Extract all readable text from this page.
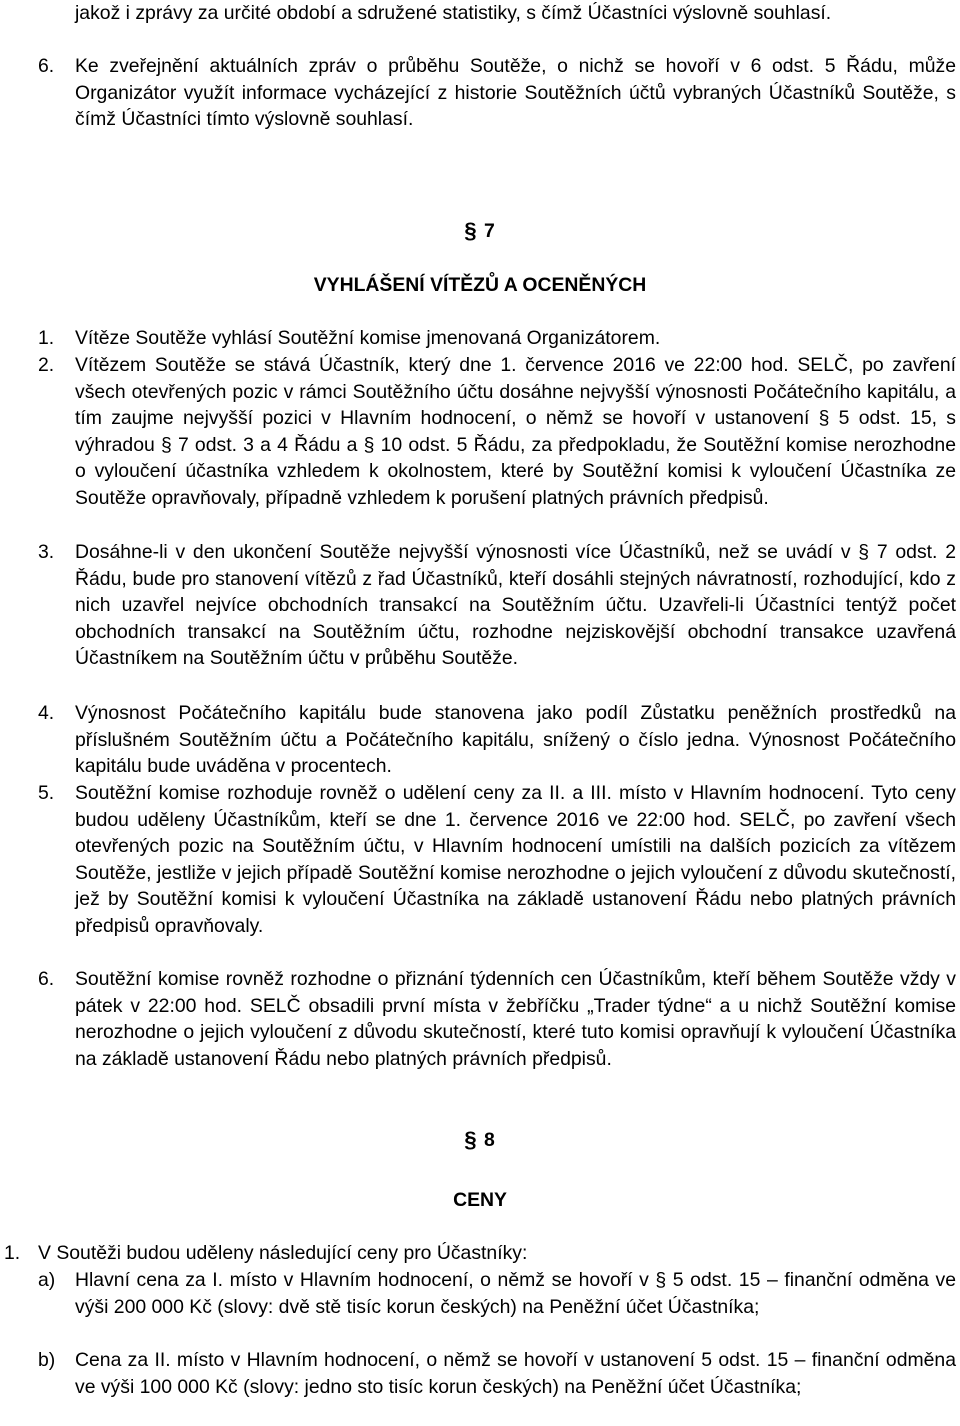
jakož i zprávy za určité období a sdružené statistiky, s čímž Účastníci výslovně souhlasí.
6. Ke zveřejnění aktuálních zpráv o průběhu Soutěže, o nichž se hovoří v 6 odst. 5 Řádu, může Organizátor využít informace vycházející z historie Soutěžních účtů vybraných Účastníků Soutěže, s čímž Účastníci tímto výslovně souhlasí.
§ 7
VYHLÁŠENÍ VÍTĚZŮ A OCENĚNÝCH
1. Vítěze Soutěže vyhlásí Soutěžní komise jmenovaná Organizátorem.
2. Vítězem Soutěže se stává Účastník, který dne 1. července 2016 ve 22:00 hod. SELČ, po zavření všech otevřených pozic v rámci Soutěžního účtu dosáhne nejvyšší výnosnosti Počátečního kapitálu, a tím zaujme nejvyšší pozici v Hlavním hodnocení, o němž se hovoří v ustanovení § 5 odst. 15, s výhradou § 7 odst. 3 a 4 Řádu a § 10 odst. 5 Řádu, za předpokladu, že Soutěžní komise nerozhodne o vyloučení účastníka vzhledem k okolnostem, které by Soutěžní komisi k vyloučení Účastníka ze Soutěže opravňovaly, případně vzhledem k porušení platných právních předpisů.
3. Dosáhne-li v den ukončení Soutěže nejvyšší výnosnosti více Účastníků, než se uvádí v § 7 odst. 2 Řádu, bude pro stanovení vítězů z řad Účastníků, kteří dosáhli stejných návratností, rozhodující, kdo z nich uzavřel nejvíce obchodních transakcí na Soutěžním účtu. Uzavřeli-li Účastníci tentýž počet obchodních transakcí na Soutěžním účtu, rozhodne nejziskovější obchodní transakce uzavřená Účastníkem na Soutěžním účtu v průběhu Soutěže.
4. Výnosnost Počátečního kapitálu bude stanovena jako podíl Zůstatku peněžních prostředků na příslušném Soutěžním účtu a Počátečního kapitálu, snížený o číslo jedna. Výnosnost Počátečního kapitálu bude uváděna v procentech.
5. Soutěžní komise rozhoduje rovněž o udělení ceny za II. a III. místo v Hlavním hodnocení. Tyto ceny budou uděleny Účastníkům, kteří se dne 1. července 2016 ve 22:00 hod. SELČ, po zavření všech otevřených pozic na Soutěžním účtu, v Hlavním hodnocení umístili na dalších pozicích za vítězem Soutěže, jestliže v jejich případě Soutěžní komise nerozhodne o jejich vyloučení z důvodu skutečností, jež by Soutěžní komisi k vyloučení Účastníka na základě ustanovení Řádu nebo platných právních předpisů opravňovaly.
6. Soutěžní komise rovněž rozhodne o přiznání týdenních cen Účastníkům, kteří během Soutěže vždy v pátek v 22:00 hod. SELČ obsadili první místa v žebříčku „Trader týdne“ a u nichž Soutěžní komise nerozhodne o jejich vyloučení z důvodu skutečností, které tuto komisi opravňují k vyloučení Účastníka na základě ustanovení Řádu nebo platných právních předpisů.
§ 8
CENY
1. V Soutěži budou uděleny následující ceny pro Účastníky:
a) Hlavní cena za I. místo v Hlavním hodnocení, o němž se hovoří v § 5 odst. 15 – finanční odměna ve výši 200 000 Kč (slovy: dvě stě tisíc korun českých) na Peněžní účet Účastníka;
b) Cena za II. místo v Hlavním hodnocení, o němž se hovoří v ustanovení 5 odst. 15 – finanční odměna ve výši 100 000 Kč (slovy: jedno sto tisíc korun českých) na Peněžní účet Účastníka;
